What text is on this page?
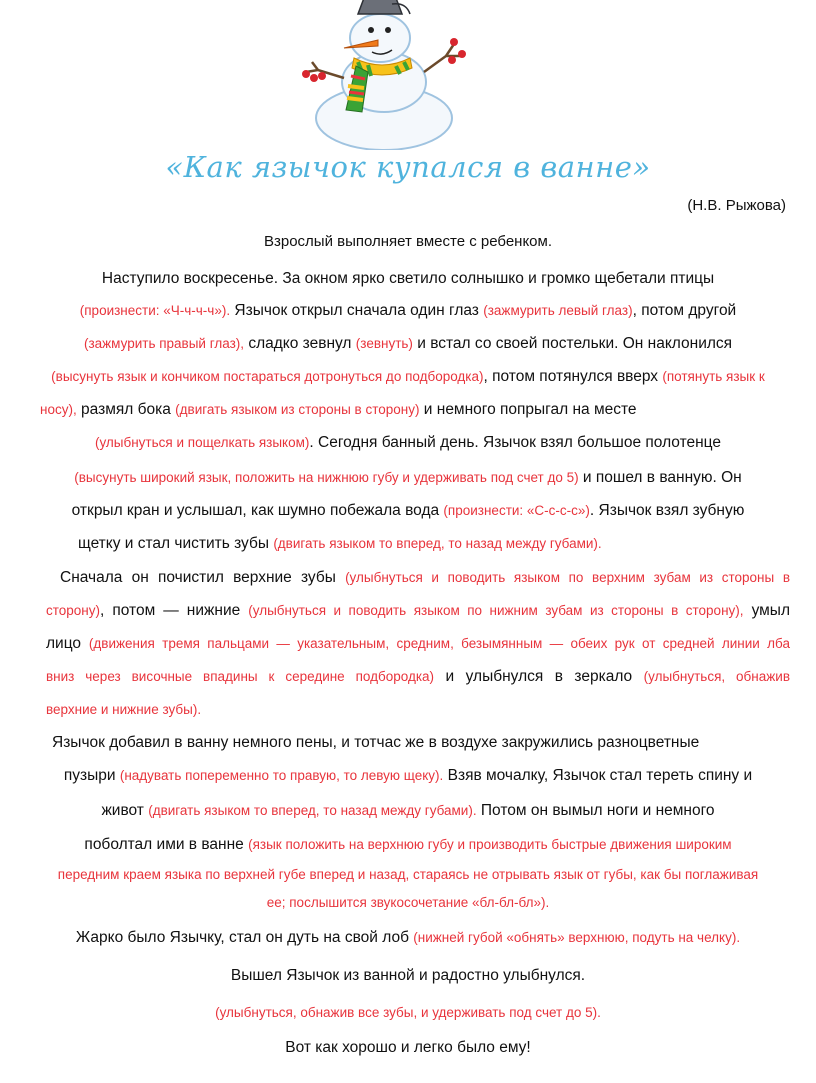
«Как язычок купался в ванне»
(Н.В. Рыжова)
Взрослый выполняет вместе с ребенком.
Наступило воскресенье. За окном ярко светило солнышко и громко щебетали птицы
(произнести: «Ч-ч-ч-ч»). Язычок открыл сначала один глаз (зажмурить левый глаз), потом другой
(зажмурить правый глаз), сладко зевнул (зевнуть) и встал со своей постельки. Он наклонился
(высунуть язык и кончиком постараться дотронуться до подбородка), потом потянулся вверх (потянуть язык к
носу), размял бока (двигать языком из стороны в сторону) и немного попрыгал на месте
(улыбнуться и пощелкать языком). Сегодня банный день. Язычок взял большое полотенце
(высунуть широкий язык, положить на нижнюю губу и удерживать под счет до 5) и пошел в ванную. Он
открыл кран и услышал, как шумно побежала вода (произнести: «С-с-с-с»). Язычок взял зубную
щетку и стал чистить зубы (двигать языком то вперед, то назад между губами).
Сначала он почистил верхние зубы (улыбнуться и поводить языком по верхним зубам из стороны в
сторону), потом — нижние (улыбнуться и поводить языком по нижним зубам из стороны в сторону), умыл
лицо (движения тремя пальцами — указательным, средним, безымянным — обеих рук от средней линии лба
вниз через височные впадины к середине подбородка) и улыбнулся в зеркало (улыбнуться, обнажив
верхние и нижние зубы).
Язычок добавил в ванну немного пены, и тотчас же в воздухе закружились разноцветные
пузыри (надувать попеременно то правую, то левую щеку). Взяв мочалку, Язычок стал тереть спину и
живот (двигать языком то вперед, то назад между губами). Потом он вымыл ноги и немного
поболтал ими в ванне (язык положить на верхнюю губу и производить быстрые движения широким
передним краем языка по верхней губе вперед и назад, стараясь не отрывать язык от губы, как бы поглаживая
ее; послышится звукосочетание «бл-бл-бл»).
Жарко было Язычку, стал он дуть на свой лоб (нижней губой «обнять» верхнюю, подуть на челку).
Вышел Язычок из ванной и радостно улыбнулся.
(улыбнуться, обнажив все зубы, и удерживать под счет до 5).
Вот как хорошо и легко было ему!
